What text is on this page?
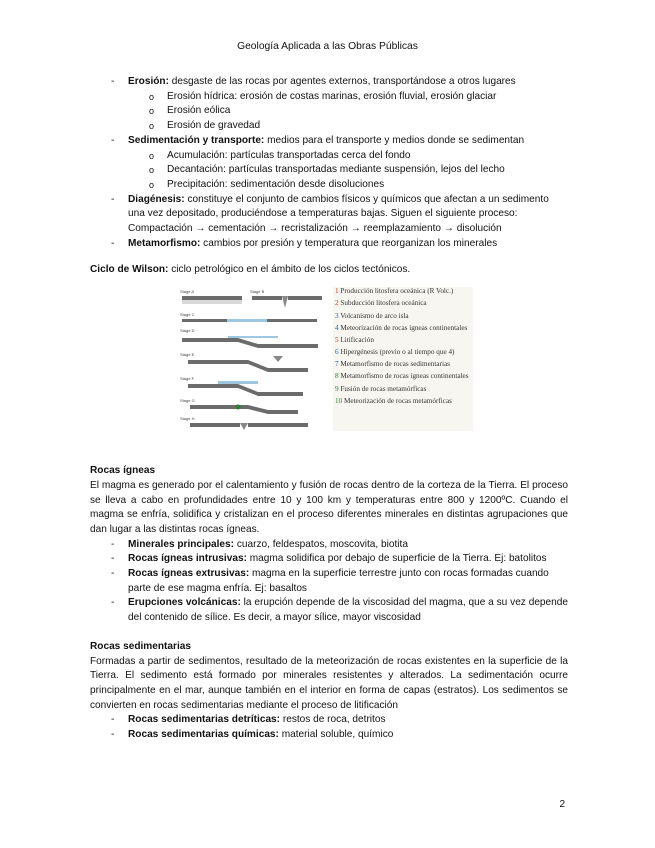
Geología Aplicada a las Obras Públicas
- Erosión: desgaste de las rocas por agentes externos, transportándose a otros lugares
o Erosión hídrica: erosión de costas marinas, erosión fluvial, erosión glaciar
o Erosión eólica
o Erosión de gravedad
- Sedimentación y transporte: medios para el transporte y medios donde se sedimentan
o Acumulación: partículas transportadas cerca del fondo
o Decantación: partículas transportadas mediante suspensión, lejos del lecho
o Precipitación: sedimentación desde disoluciones
- Diagénesis: constituye el conjunto de cambios físicos y químicos que afectan a un sedimento una vez depositado, produciéndose a temperaturas bajas. Siguen el siguiente proceso: Compactación → cementación → recristalización → reemplazamiento → disolución
- Metamorfismo: cambios por presión y temperatura que reorganizan los minerales

Ciclo de Wilson: ciclo petrológico en el ámbito de los ciclos tectónicos.

Stage A	Stage B
Stage C
Stage D
Stage E
Stage F
Stage G
Stage H
1 Producción litosfera oceánica (R Volc.)
2 Subducción litosfera oceánica
3 Volcanismo de arco isla
4 Meteorización de rocas ígneas continentales
5 Litificación
6 Hipergénesis (previo o al tiempo que 4)
7 Metamorfismo de rocas sedimentarias
8 Metamorfismo de rocas ígneas continentales
9 Fusión de rocas metamórficas
10 Meteorización de rocas metamórficas
Rocas ígneas

El magma es generado por el calentamiento y fusión de rocas dentro de la corteza de la Tierra. El proceso se lleva a cabo en profundidades entre 10 y 100 km y temperaturas entre 800 y 1200ºC. Cuando el magma se enfría, solidifica y cristalizan en el proceso diferentes minerales en distintas agrupaciones que dan lugar a las distintas rocas ígneas.

- Minerales principales: cuarzo, feldespatos, moscovita, biotita
- Rocas ígneas intrusivas: magma solidifica por debajo de superficie de la Tierra. Ej: batolitos
- Rocas ígneas extrusivas: magma en la superficie terrestre junto con rocas formadas cuando parte de ese magma enfría. Ej: basaltos
- Erupciones volcánicas: la erupción depende de la viscosidad del magma, que a su vez depende del contenido de sílice. Es decir, a mayor sílice, mayor viscosidad
Rocas sedimentarias

Formadas a partir de sedimentos, resultado de la meteorización de rocas existentes en la superficie de la Tierra. El sedimento está formado por minerales resistentes y alterados. La sedimentación ocurre principalmente en el mar, aunque también en el interior en forma de capas (estratos). Los sedimentos se convierten en rocas sedimentarias mediante el proceso de litificación

- Rocas sedimentarias detríticas: restos de roca, detritos
- Rocas sedimentarias químicas: material soluble, químico
2
